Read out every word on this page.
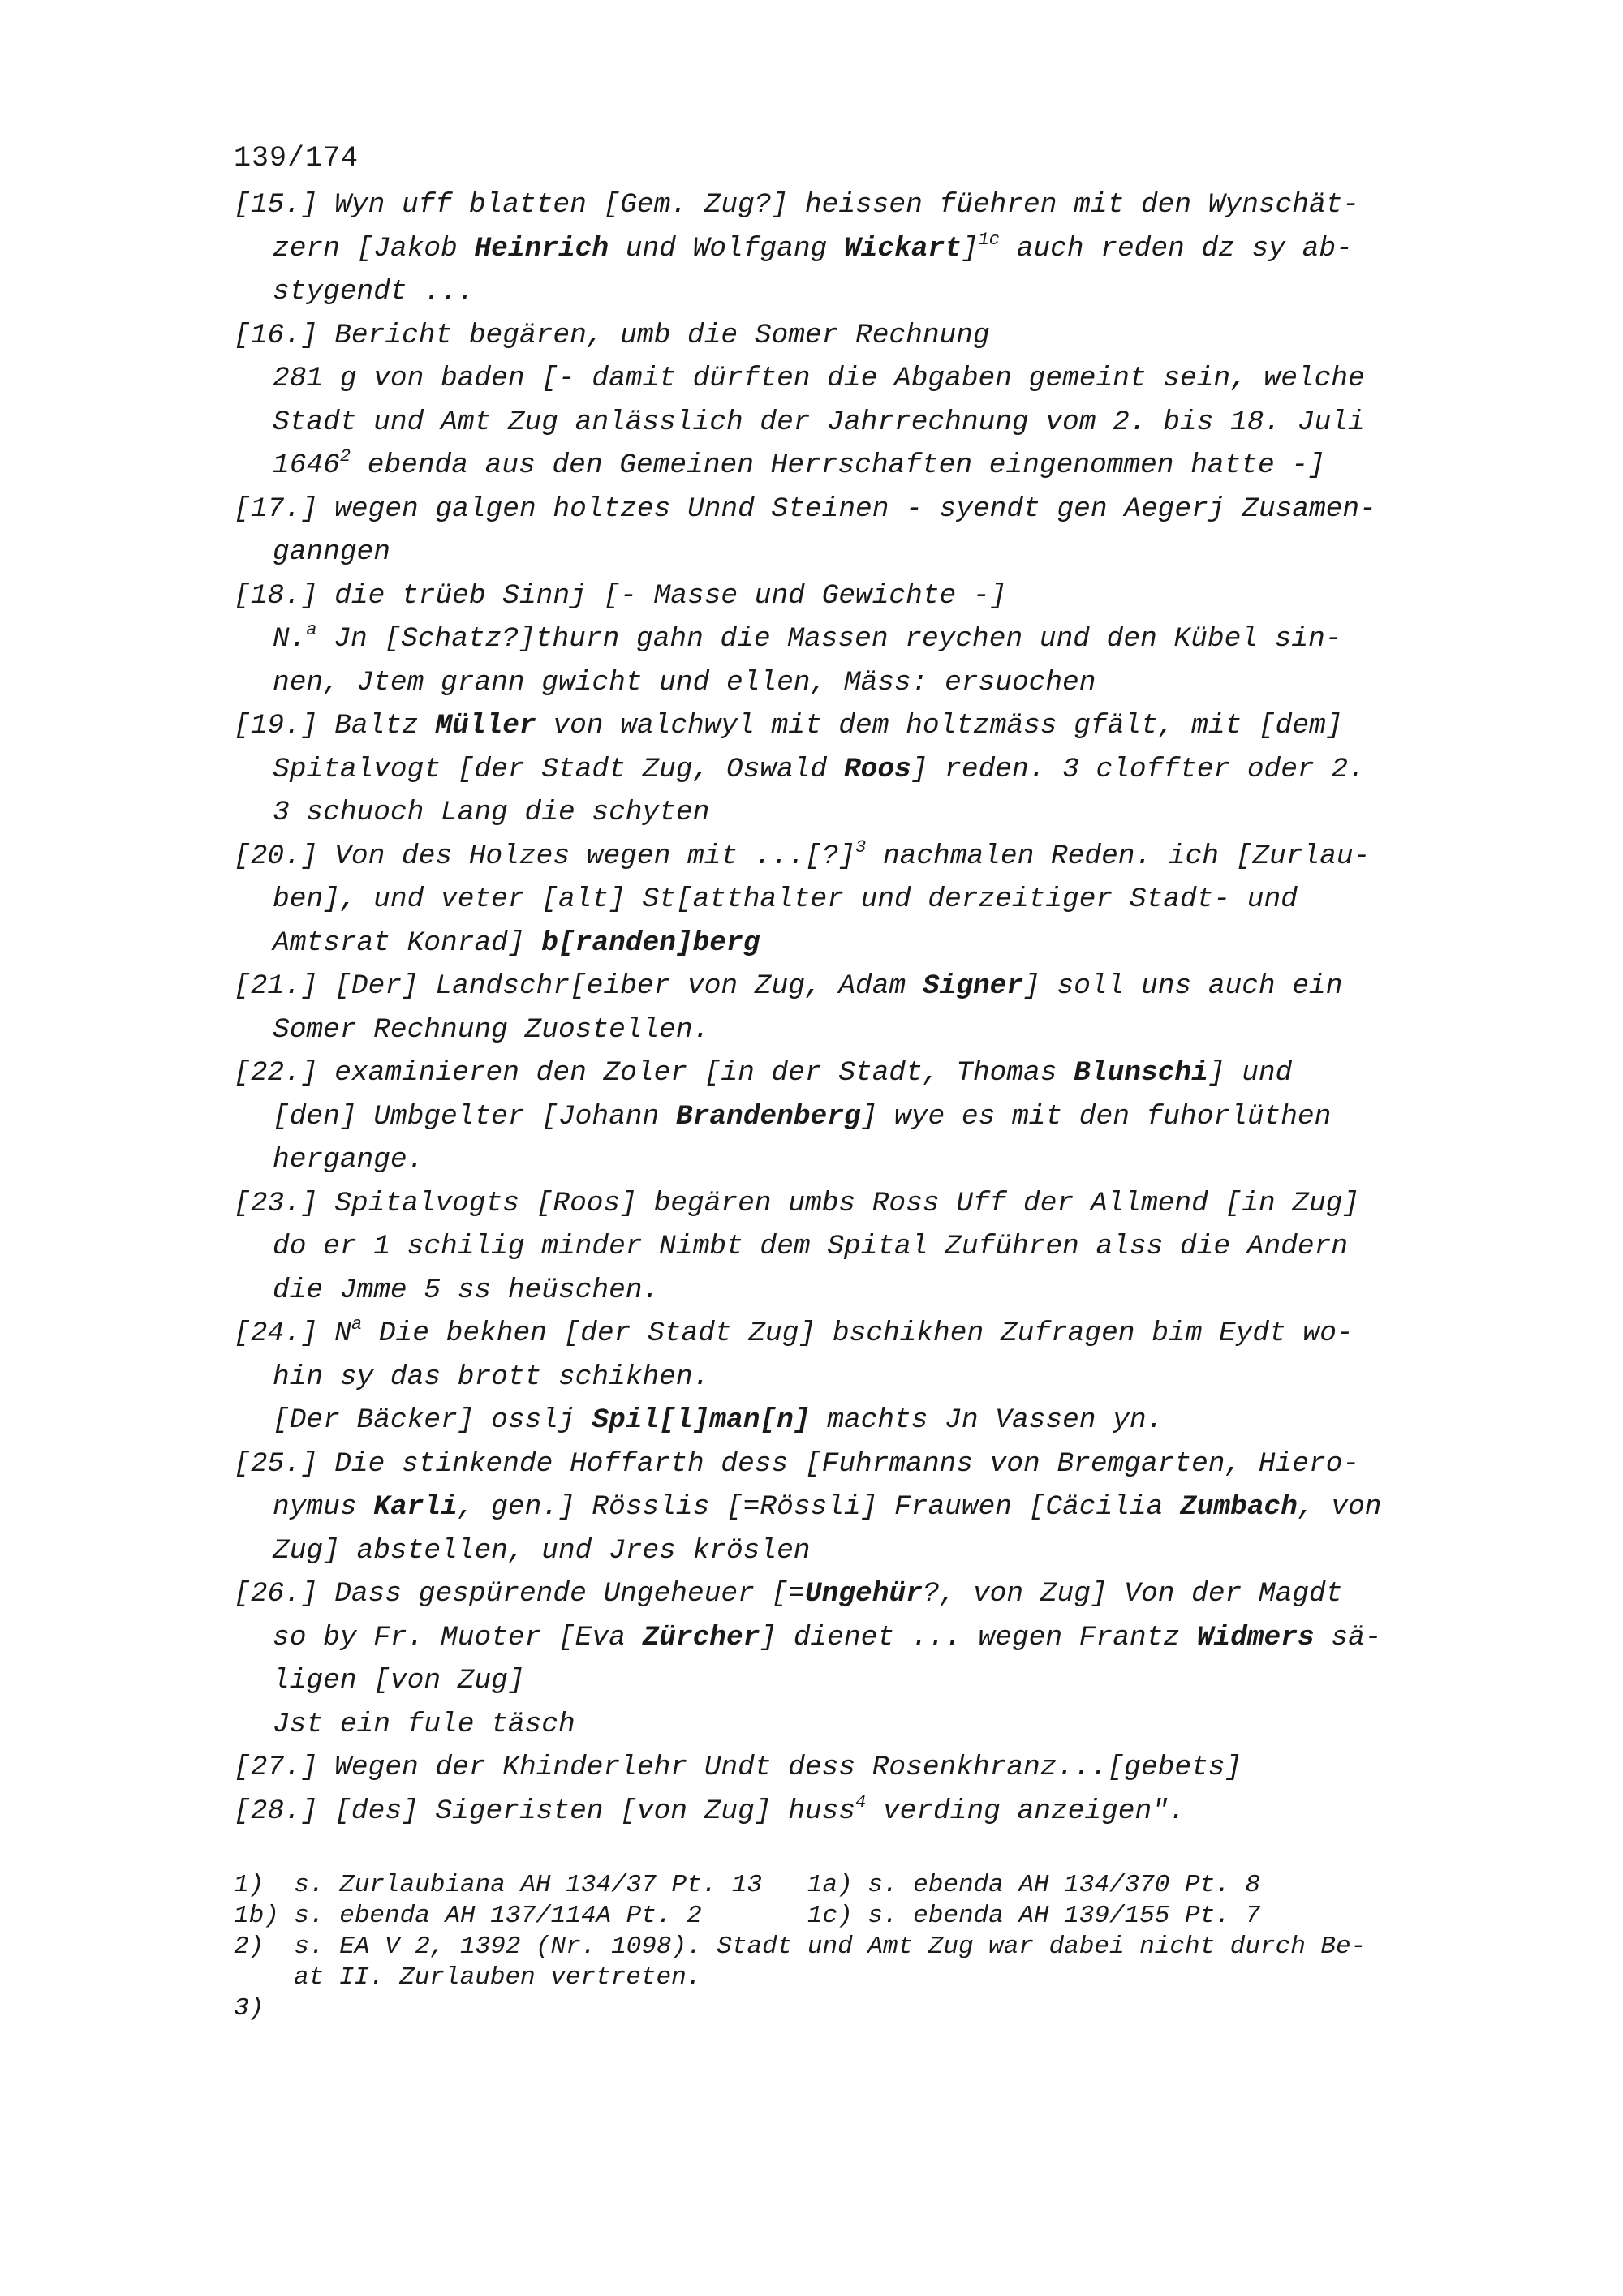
139/174
[15.] Wyn uff blatten [Gem. Zug?] heissen füehren mit den Wynschät-
zern [Jakob Heinrich und Wolfgang Wickart]$^{1c}$ auch reden dz sy ab-
stygendt ...
[16.] Bericht begären, umb die Somer Rechnung
281 g von baden [- damit dürften die Abgaben gemeint sein, welche
Stadt und Amt Zug anlässlich der Jahrrechnung vom 2. bis 18. Juli
1646$^2$ ebenda aus den Gemeinen Herrschaften eingenommen hatte -]
[17.] wegen galgen holtzes Unnd Steinen - syendt gen Aegerj Zusamen-
ganngen
[18.] die trüeb Sinnj [- Masse und Gewichte -]
N.$^a$ Jn [Schatz?]thurn gahn die Massen reychen und den Kübel sin-
nen, Jtem grann gwicht und ellen, Mäss: ersuochen
[19.] Baltz Müller von walchwyl mit dem holtzmäss gfält, mit [dem]
Spitalvogt [der Stadt Zug, Oswald Roos] reden. 3 cloffter oder 2.
3 schuoch Lang die schyten
[20.] Von des Holzes wegen mit ...[?]$^3$ nachmalen Reden. ich [Zurlau-
ben], und veter [alt] St[atthalter und derzeitiger Stadt- und
Amtsrat Konrad] b[randen]berg
[21.] [Der] Landschr[eiber von Zug, Adam Signer] soll uns auch ein
Somer Rechnung Zuostellen.
[22.] examinieren den Zoler [in der Stadt, Thomas Blunschi] und
[den] Umbgelter [Johann Brandenberg] wye es mit den fuhorlüthen
hergange.
[23.] Spitalvogts [Roos] begären umbs Ross Uff der Allmend [in Zug]
do er 1 schilig minder Nimbt dem Spital Zuführen alss die Andern
die Jmme 5 ss heüschen.
[24.] $N^a$ Die bekhen [der Stadt Zug] bschikhen Zufragen bim Eydt wo-
hin sy das brott schikhen.
[Der Bäcker] osslj Spil[l]man[n] machts Jn Vassen yn.
[25.] Die stinkende Hoffarth dess [Fuhrmanns von Bremgarten, Hiero-
nymus Karli, gen.] Rösslis [=Rössli] Frauwen [Cäcilia Zumbach, von
Zug] abstellen, und Jres kröslen
[26.] Dass gespürende Ungeheuer [=Ungehür?, von Zug] Von der Magdt
so by Fr. Muoter [Eva Zürcher] dienet ... wegen Frantz Widmers sä-
ligen [von Zug]
Jst ein fule täsch
[27.] Wegen der Khinderlehr Undt dess Rosenkhranz...[gebets]
[28.] [des] Sigeristen [von Zug] huss$^4$ verding anzeigen".
1)  s. Zurlaubiana AH 134/37 Pt. 13   1a) s. ebenda AH 134/370 Pt. 8
1b) s. ebenda AH 137/114A Pt. 2       1c) s. ebenda AH 139/155 Pt. 7
2)  s. EA V 2, 1392 (Nr. 1098). Stadt und Amt Zug war dabei nicht durch Be-
at II. Zurlauben vertreten.
3)
